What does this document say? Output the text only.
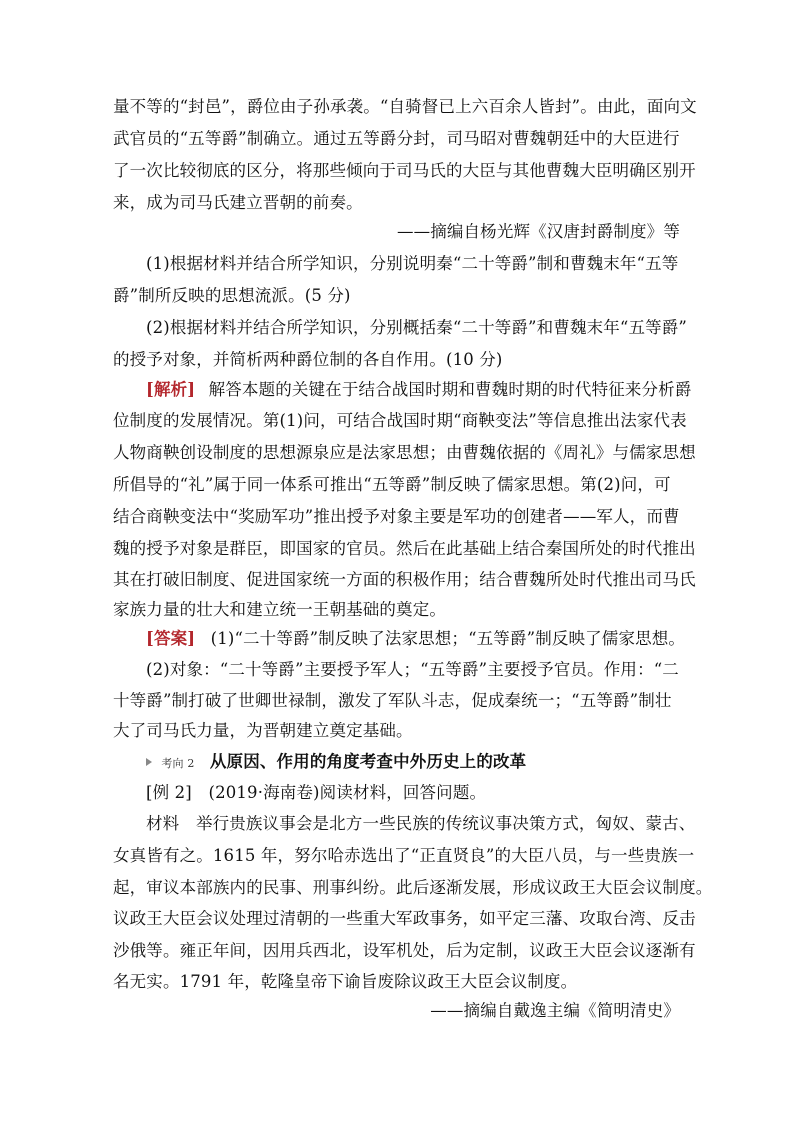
量不等的“封邑”，爵位由子孙承袭。“自骑督已上六百余人皆封”。由此，面向文
武官员的“五等爵”制确立。通过五等爵分封，司马昭对曹魏朝廷中的大臣进行
了一次比较彻底的区分，将那些倾向于司马氏的大臣与其他曹魏大臣明确区别开
来，成为司马氏建立晋朝的前奏。
——摘编自杨光辉《汉唐封爵制度》等
(1)根据材料并结合所学知识，分别说明秦“二十等爵”制和曹魏末年“五等
爵”制所反映的思想流派。(5 分)
(2)根据材料并结合所学知识，分别概括秦“二十等爵”和曹魏末年“五等爵”
的授予对象，并简析两种爵位制的各自作用。(10 分)
[解析] 解答本题的关键在于结合战国时期和曹魏时期的时代特征来分析爵
位制度的发展情况。第(1)问，可结合战国时期“商鞅变法”等信息推出法家代表
人物商鞅创设制度的思想源泉应是法家思想；由曹魏依据的《周礼》与儒家思想
所倡导的“礼”属于同一体系可推出“五等爵”制反映了儒家思想。第(2)问，可
结合商鞅变法中“奖励军功”推出授予对象主要是军功的创建者——军人，而曹
魏的授予对象是群臣，即国家的官员。然后在此基础上结合秦国所处的时代推出
其在打破旧制度、促进国家统一方面的积极作用；结合曹魏所处时代推出司马氏
家族力量的壮大和建立统一王朝基础的奠定。
[答案] (1)“二十等爵”制反映了法家思想；“五等爵”制反映了儒家思想。
(2)对象：“二十等爵”主要授予军人；“五等爵”主要授予官员。作用：“二
十等爵”制打破了世卿世禄制，激发了军队斗志，促成秦统一；“五等爵”制壮
大了司马氏力量，为晋朝建立奠定基础。
考向 2 从原因、作用的角度考查中外历史上的改革
[例 2]　(2019·海南卷)阅读材料，回答问题。
材料　举行贵族议事会是北方一些民族的传统议事决策方式，匈奴、蒙古、
女真皆有之。1615 年，努尔哈赤选出了“正直贤良”的大臣八员，与一些贵族一
起，审议本部族内的民事、刑事纠纷。此后逐渐发展，形成议政王大臣会议制度。
议政王大臣会议处理过清朝的一些重大军政事务，如平定三藩、攻取台湾、反击
沙俄等。雍正年间，因用兵西北，设军机处，后为定制，议政王大臣会议逐渐有
名无实。1791 年，乾隆皇帝下谕旨废除议政王大臣会议制度。
——摘编自戴逸主编《简明清史》
